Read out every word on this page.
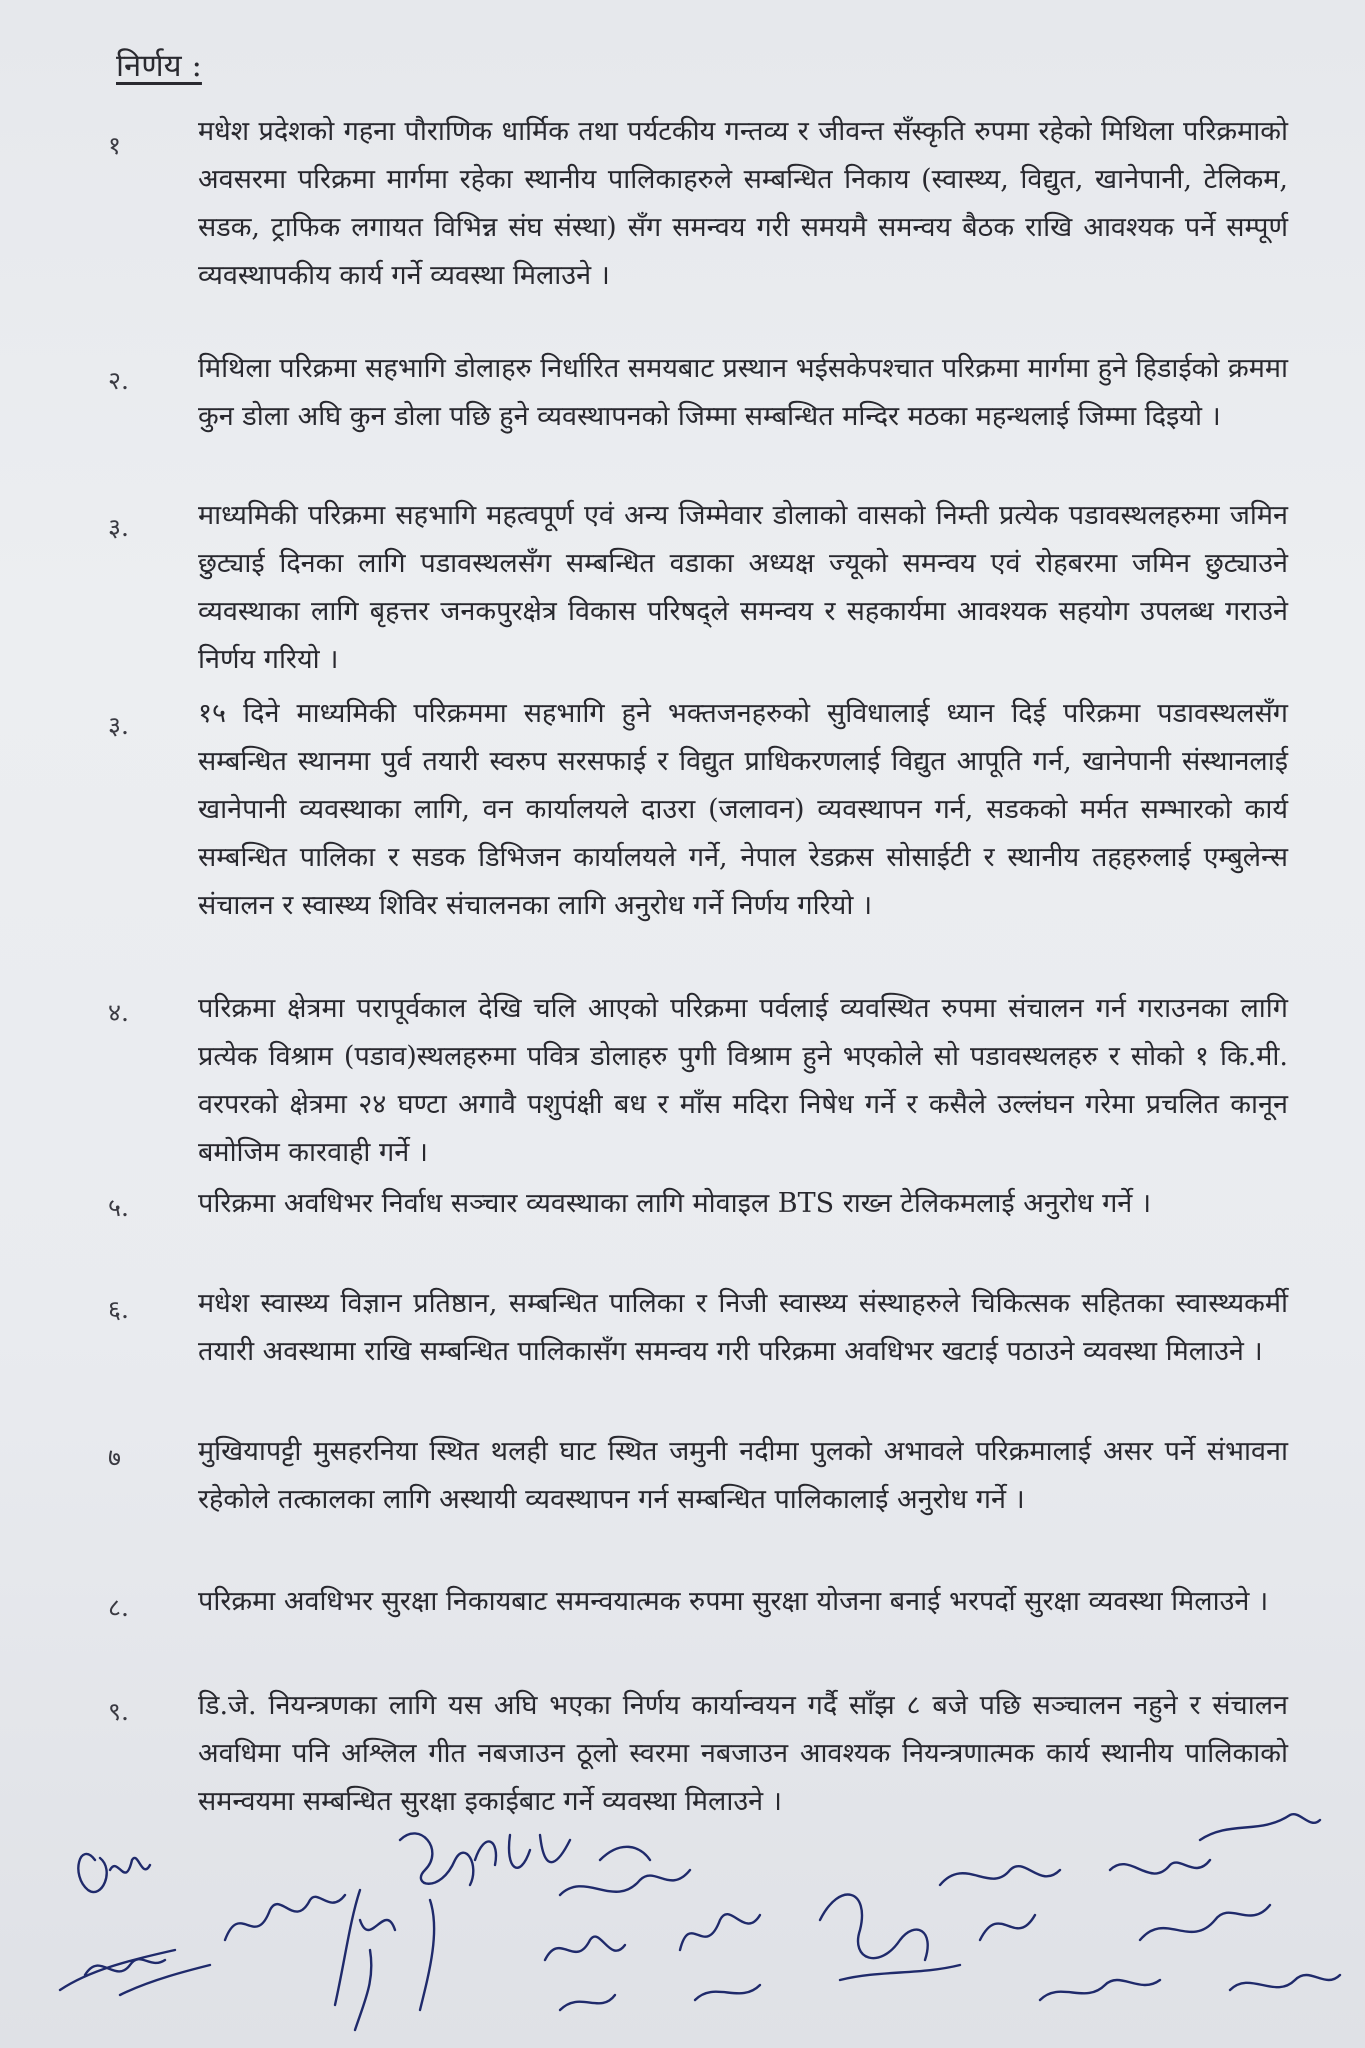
निर्णय :
१	मधेश प्रदेशको गहना पौराणिक धार्मिक तथा पर्यटकीय गन्तव्य र जीवन्त सँस्कृति रुपमा रहेको मिथिला परिक्रमाको अवसरमा परिक्रमा मार्गमा रहेका स्थानीय पालिकाहरुले सम्बन्धित निकाय (स्वास्थ्य, विद्युत, खानेपानी, टेलिकम, सडक, ट्राफिक लगायत विभिन्न संघ संस्था) सँग समन्वय गरी समयमै समन्वय बैठक राखि आवश्यक पर्ने सम्पूर्ण व्यवस्थापकीय कार्य गर्ने व्यवस्था मिलाउने ।
२.	मिथिला परिक्रमा सहभागि डोलाहरु निर्धारित समयबाट प्रस्थान भईसकेपश्चात परिक्रमा मार्गमा हुने हिडाईको क्रममा कुन डोला अघि कुन डोला पछि हुने व्यवस्थापनको जिम्मा सम्बन्धित मन्दिर मठका महन्थलाई जिम्मा दिइयो ।
३.	माध्यमिकी परिक्रमा सहभागि महत्वपूर्ण एवं अन्य जिम्मेवार डोलाको वासको निम्ती प्रत्येक पडावस्थलहरुमा जमिन छुट्याई दिनका लागि पडावस्थलसँग सम्बन्धित वडाका अध्यक्ष ज्यूको समन्वय एवं रोहबरमा जमिन छुट्याउने व्यवस्थाका लागि बृहत्तर जनकपुरक्षेत्र विकास परिषद्ले समन्वय र सहकार्यमा आवश्यक सहयोग उपलब्ध गराउने निर्णय गरियो ।
३.	१५ दिने माध्यमिकी परिक्रममा सहभागि हुने भक्तजनहरुको सुविधालाई ध्यान दिई परिक्रमा पडावस्थलसँग सम्बन्धित स्थानमा पुर्व तयारी स्वरुप सरसफाई र विद्युत प्राधिकरणलाई विद्युत आपूति गर्न, खानेपानी संस्थानलाई खानेपानी व्यवस्थाका लागि, वन कार्यालयले दाउरा (जलावन) व्यवस्थापन गर्न, सडकको मर्मत सम्भारको कार्य सम्बन्धित पालिका र सडक डिभिजन कार्यालयले गर्ने, नेपाल रेडक्रस सोसाईटी र स्थानीय तहहरुलाई एम्बुलेन्स संचालन र स्वास्थ्य शिविर संचालनका लागि अनुरोध गर्ने निर्णय गरियो ।
४.	परिक्रमा क्षेत्रमा परापूर्वकाल देखि चलि आएको परिक्रमा पर्वलाई व्यवस्थित रुपमा संचालन गर्न गराउनका लागि प्रत्येक विश्राम (पडाव)स्थलहरुमा पवित्र डोलाहरु पुगी विश्राम हुने भएकोले सो पडावस्थलहरु र सोको १ कि.मी. वरपरको क्षेत्रमा २४ घण्टा अगावै पशुपंक्षी बध र माँस मदिरा निषेध गर्ने र कसैले उल्लंघन गरेमा प्रचलित कानून बमोजिम कारवाही गर्ने ।
५.	परिक्रमा अवधिभर निर्वाध सञ्चार व्यवस्थाका लागि मोवाइल BTS राख्न टेलिकमलाई अनुरोध गर्ने ।
६.	मधेश स्वास्थ्य विज्ञान प्रतिष्ठान, सम्बन्धित पालिका र निजी स्वास्थ्य संस्थाहरुले चिकित्सक सहितका स्वास्थ्यकर्मी तयारी अवस्थामा राखि सम्बन्धित पालिकासँग समन्वय गरी परिक्रमा अवधिभर खटाई पठाउने व्यवस्था मिलाउने ।
७	मुखियापट्टी मुसहरनिया स्थित थलही घाट स्थित जमुनी नदीमा पुलको अभावले परिक्रमालाई असर पर्ने संभावना रहेकोले तत्कालका लागि अस्थायी व्यवस्थापन गर्न सम्बन्धित पालिकालाई अनुरोध गर्ने ।
८.	परिक्रमा अवधिभर सुरक्षा निकायबाट समन्वयात्मक रुपमा सुरक्षा योजना बनाई भरपर्दो सुरक्षा व्यवस्था मिलाउने ।
९.	डि.जे. नियन्त्रणका लागि यस अघि भएका निर्णय कार्यान्वयन गर्दै साँझ ८ बजे पछि सञ्चालन नहुने र संचालन अवधिमा पनि अश्लिल गीत नबजाउन ठूलो स्वरमा नबजाउन आवश्यक नियन्त्रणात्मक कार्य स्थानीय पालिकाको समन्वयमा सम्बन्धित सुरक्षा इकाईबाट गर्ने व्यवस्था मिलाउने ।
